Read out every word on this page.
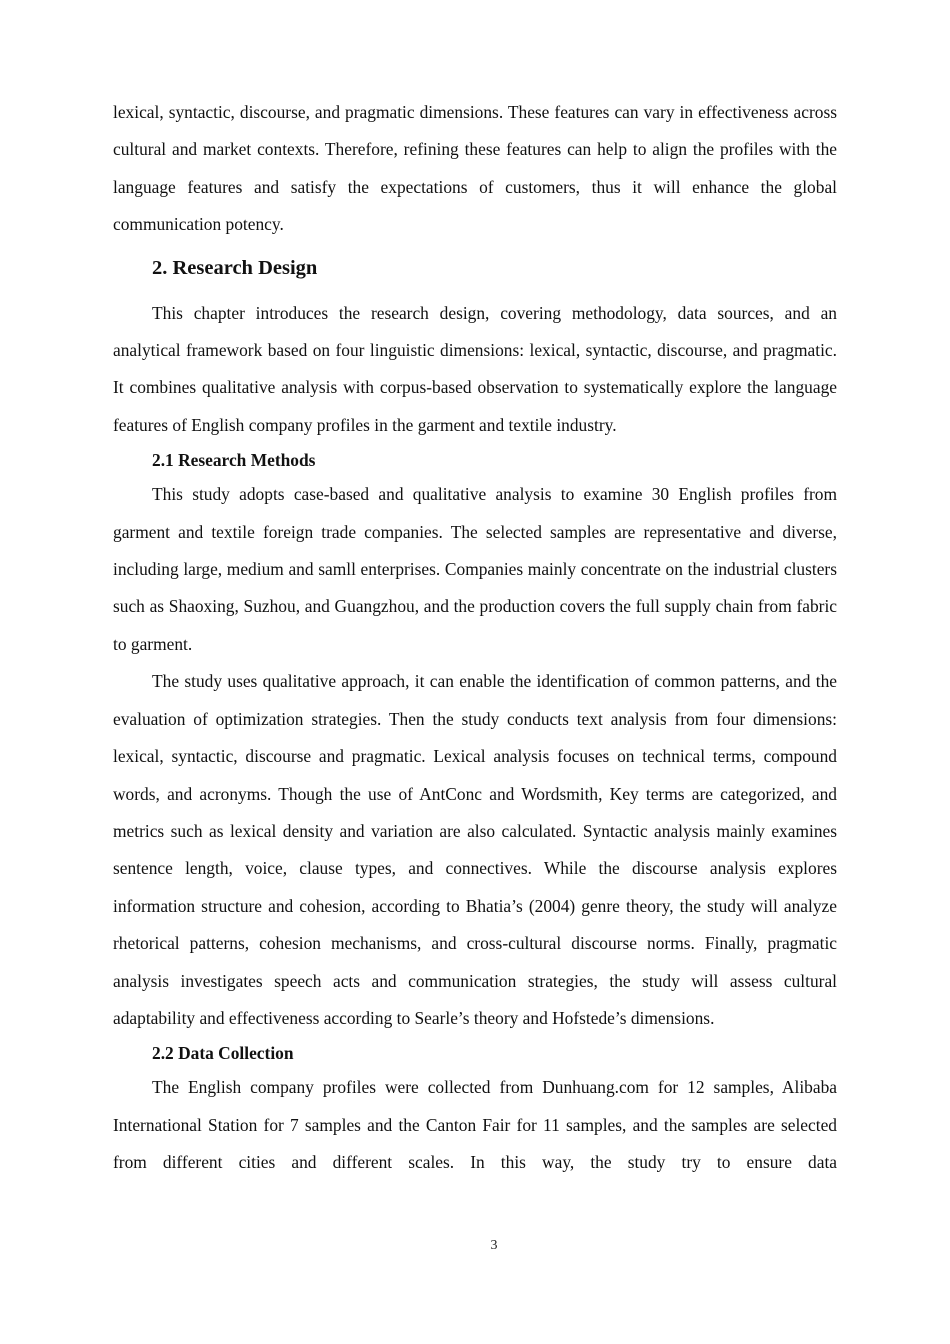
lexical, syntactic, discourse, and pragmatic dimensions. These features can vary in effectiveness across cultural and market contexts. Therefore, refining these features can help to align the profiles with the language features and satisfy the expectations of customers, thus it will enhance the global communication potency.

2. Research Design

This chapter introduces the research design, covering methodology, data sources, and an analytical framework based on four linguistic dimensions: lexical, syntactic, discourse, and pragmatic. It combines qualitative analysis with corpus-based observation to systematically explore the language features of English company profiles in the garment and textile industry.

2.1 Research Methods

This study adopts case-based and qualitative analysis to examine 30 English profiles from garment and textile foreign trade companies. The selected samples are representative and diverse, including large, medium and samll enterprises. Companies mainly concentrate on the industrial clusters such as Shaoxing, Suzhou, and Guangzhou, and the production covers the full supply chain from fabric to garment.

The study uses qualitative approach, it can enable the identification of common patterns, and the evaluation of optimization strategies. Then the study conducts text analysis from four dimensions: lexical, syntactic, discourse and pragmatic. Lexical analysis focuses on technical terms, compound words, and acronyms. Though the use of AntConc and Wordsmith, Key terms are categorized, and metrics such as lexical density and variation are also calculated. Syntactic analysis mainly examines sentence length, voice, clause types, and connectives. While the discourse analysis explores information structure and cohesion, according to Bhatia’s (2004) genre theory, the study will analyze rhetorical patterns, cohesion mechanisms, and cross-cultural discourse norms. Finally, pragmatic analysis investigates speech acts and communication strategies, the study will assess cultural adaptability and effectiveness according to Searle’s theory and Hofstede’s dimensions.

2.2 Data Collection

The English company profiles were collected from Dunhuang.com for 12 samples, Alibaba International Station for 7 samples and the Canton Fair for 11 samples, and the samples are selected from different cities and different scales. In this way, the study try to ensure data

3
